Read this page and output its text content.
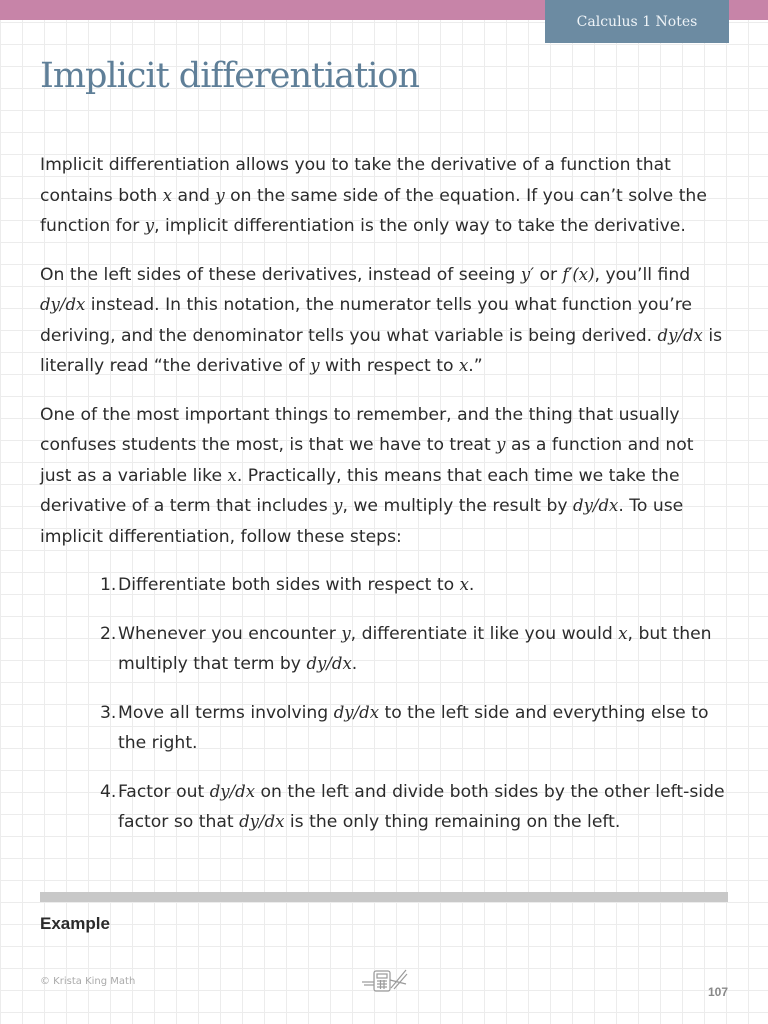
Calculus 1 Notes
Implicit differentiation

Implicit differentiation allows you to take the derivative of a function that contains both x and y on the same side of the equation. If you can’t solve the function for y, implicit differentiation is the only way to take the derivative.

On the left sides of these derivatives, instead of seeing y′ or f′(x), you’ll find dy/dx instead. In this notation, the numerator tells you what function you’re deriving, and the denominator tells you what variable is being derived. dy/dx is literally read “the derivative of y with respect to x.”

One of the most important things to remember, and the thing that usually confuses students the most, is that we have to treat y as a function and not just as a variable like x. Practically, this means that each time we take the derivative of a term that includes y, we multiply the result by dy/dx. To use implicit differentiation, follow these steps:

1. Differentiate both sides with respect to x.
2. Whenever you encounter y, differentiate it like you would x, but then multiply that term by dy/dx.
3. Move all terms involving dy/dx to the left side and everything else to the right.
4. Factor out dy/dx on the left and divide both sides by the other left-side factor so that dy/dx is the only thing remaining on the left.
Example
© Krista King Math
107
